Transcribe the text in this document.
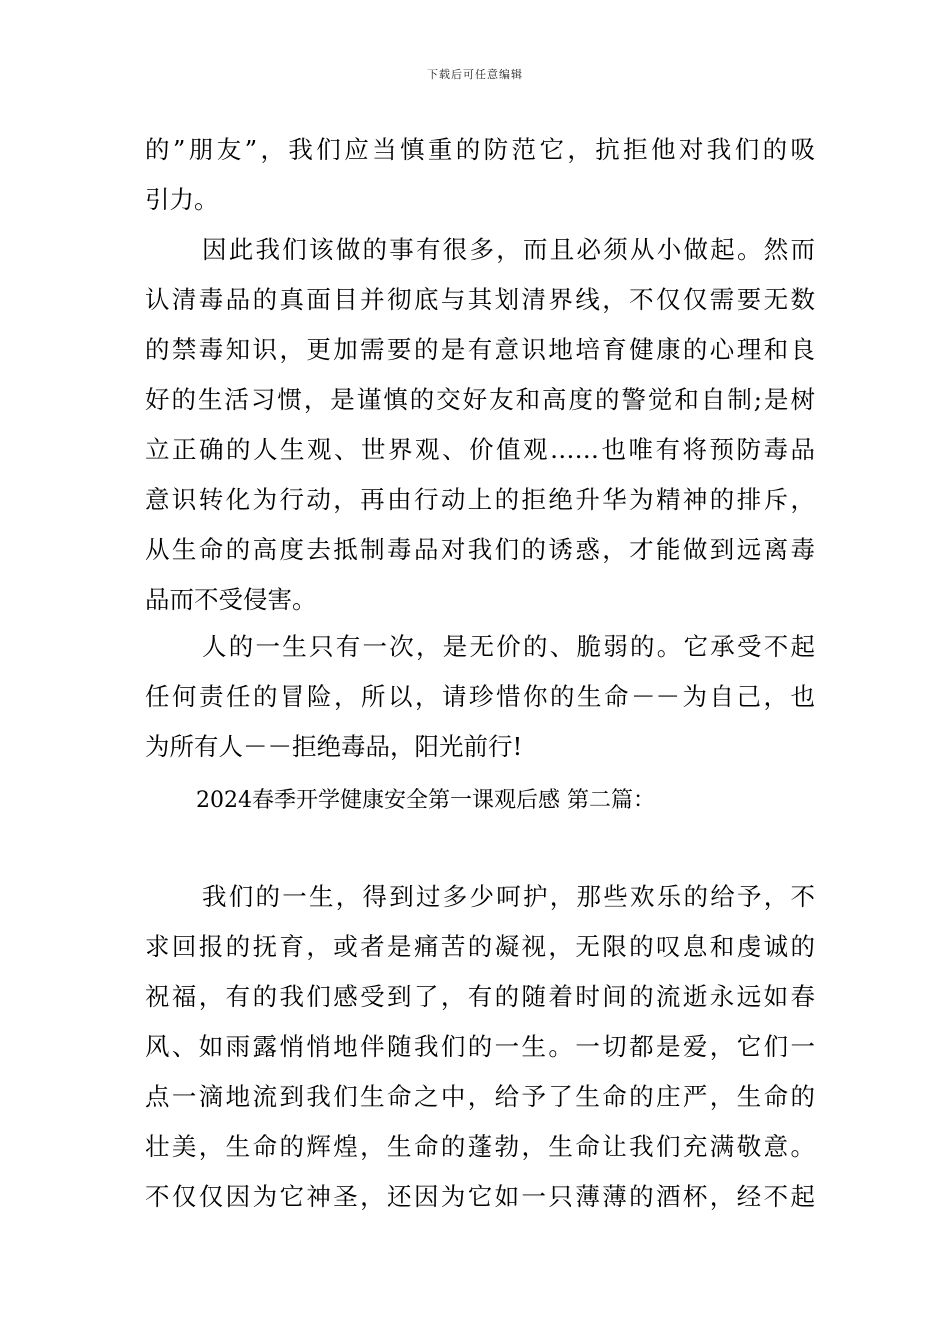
下载后可任意编辑
的”朋友”，我们应当慎重的防范它，抗拒他对我们的吸
引力。
因此我们该做的事有很多，而且必须从小做起。然而
认清毒品的真面目并彻底与其划清界线，不仅仅需要无数
的禁毒知识，更加需要的是有意识地培育健康的心理和良
好的生活习惯，是谨慎的交好友和高度的警觉和自制;是树
立正确的人生观、世界观、价值观……也唯有将预防毒品
意识转化为行动，再由行动上的拒绝升华为精神的排斥，
从生命的高度去抵制毒品对我们的诱惑，才能做到远离毒
品而不受侵害。
人的一生只有一次，是无价的、脆弱的。它承受不起
任何责任的冒险，所以，请珍惜你的生命－－为自己，也
为所有人－－拒绝毒品，阳光前行!
2024春季开学健康安全第一课观后感 第二篇：
我们的一生，得到过多少呵护，那些欢乐的给予，不
求回报的抚育，或者是痛苦的凝视，无限的叹息和虔诚的
祝福，有的我们感受到了，有的随着时间的流逝永远如春
风、如雨露悄悄地伴随我们的一生。一切都是爱，它们一
点一滴地流到我们生命之中，给予了生命的庄严，生命的
壮美，生命的辉煌，生命的蓬勃，生命让我们充满敬意。
不仅仅因为它神圣，还因为它如一只薄薄的酒杯，经不起
